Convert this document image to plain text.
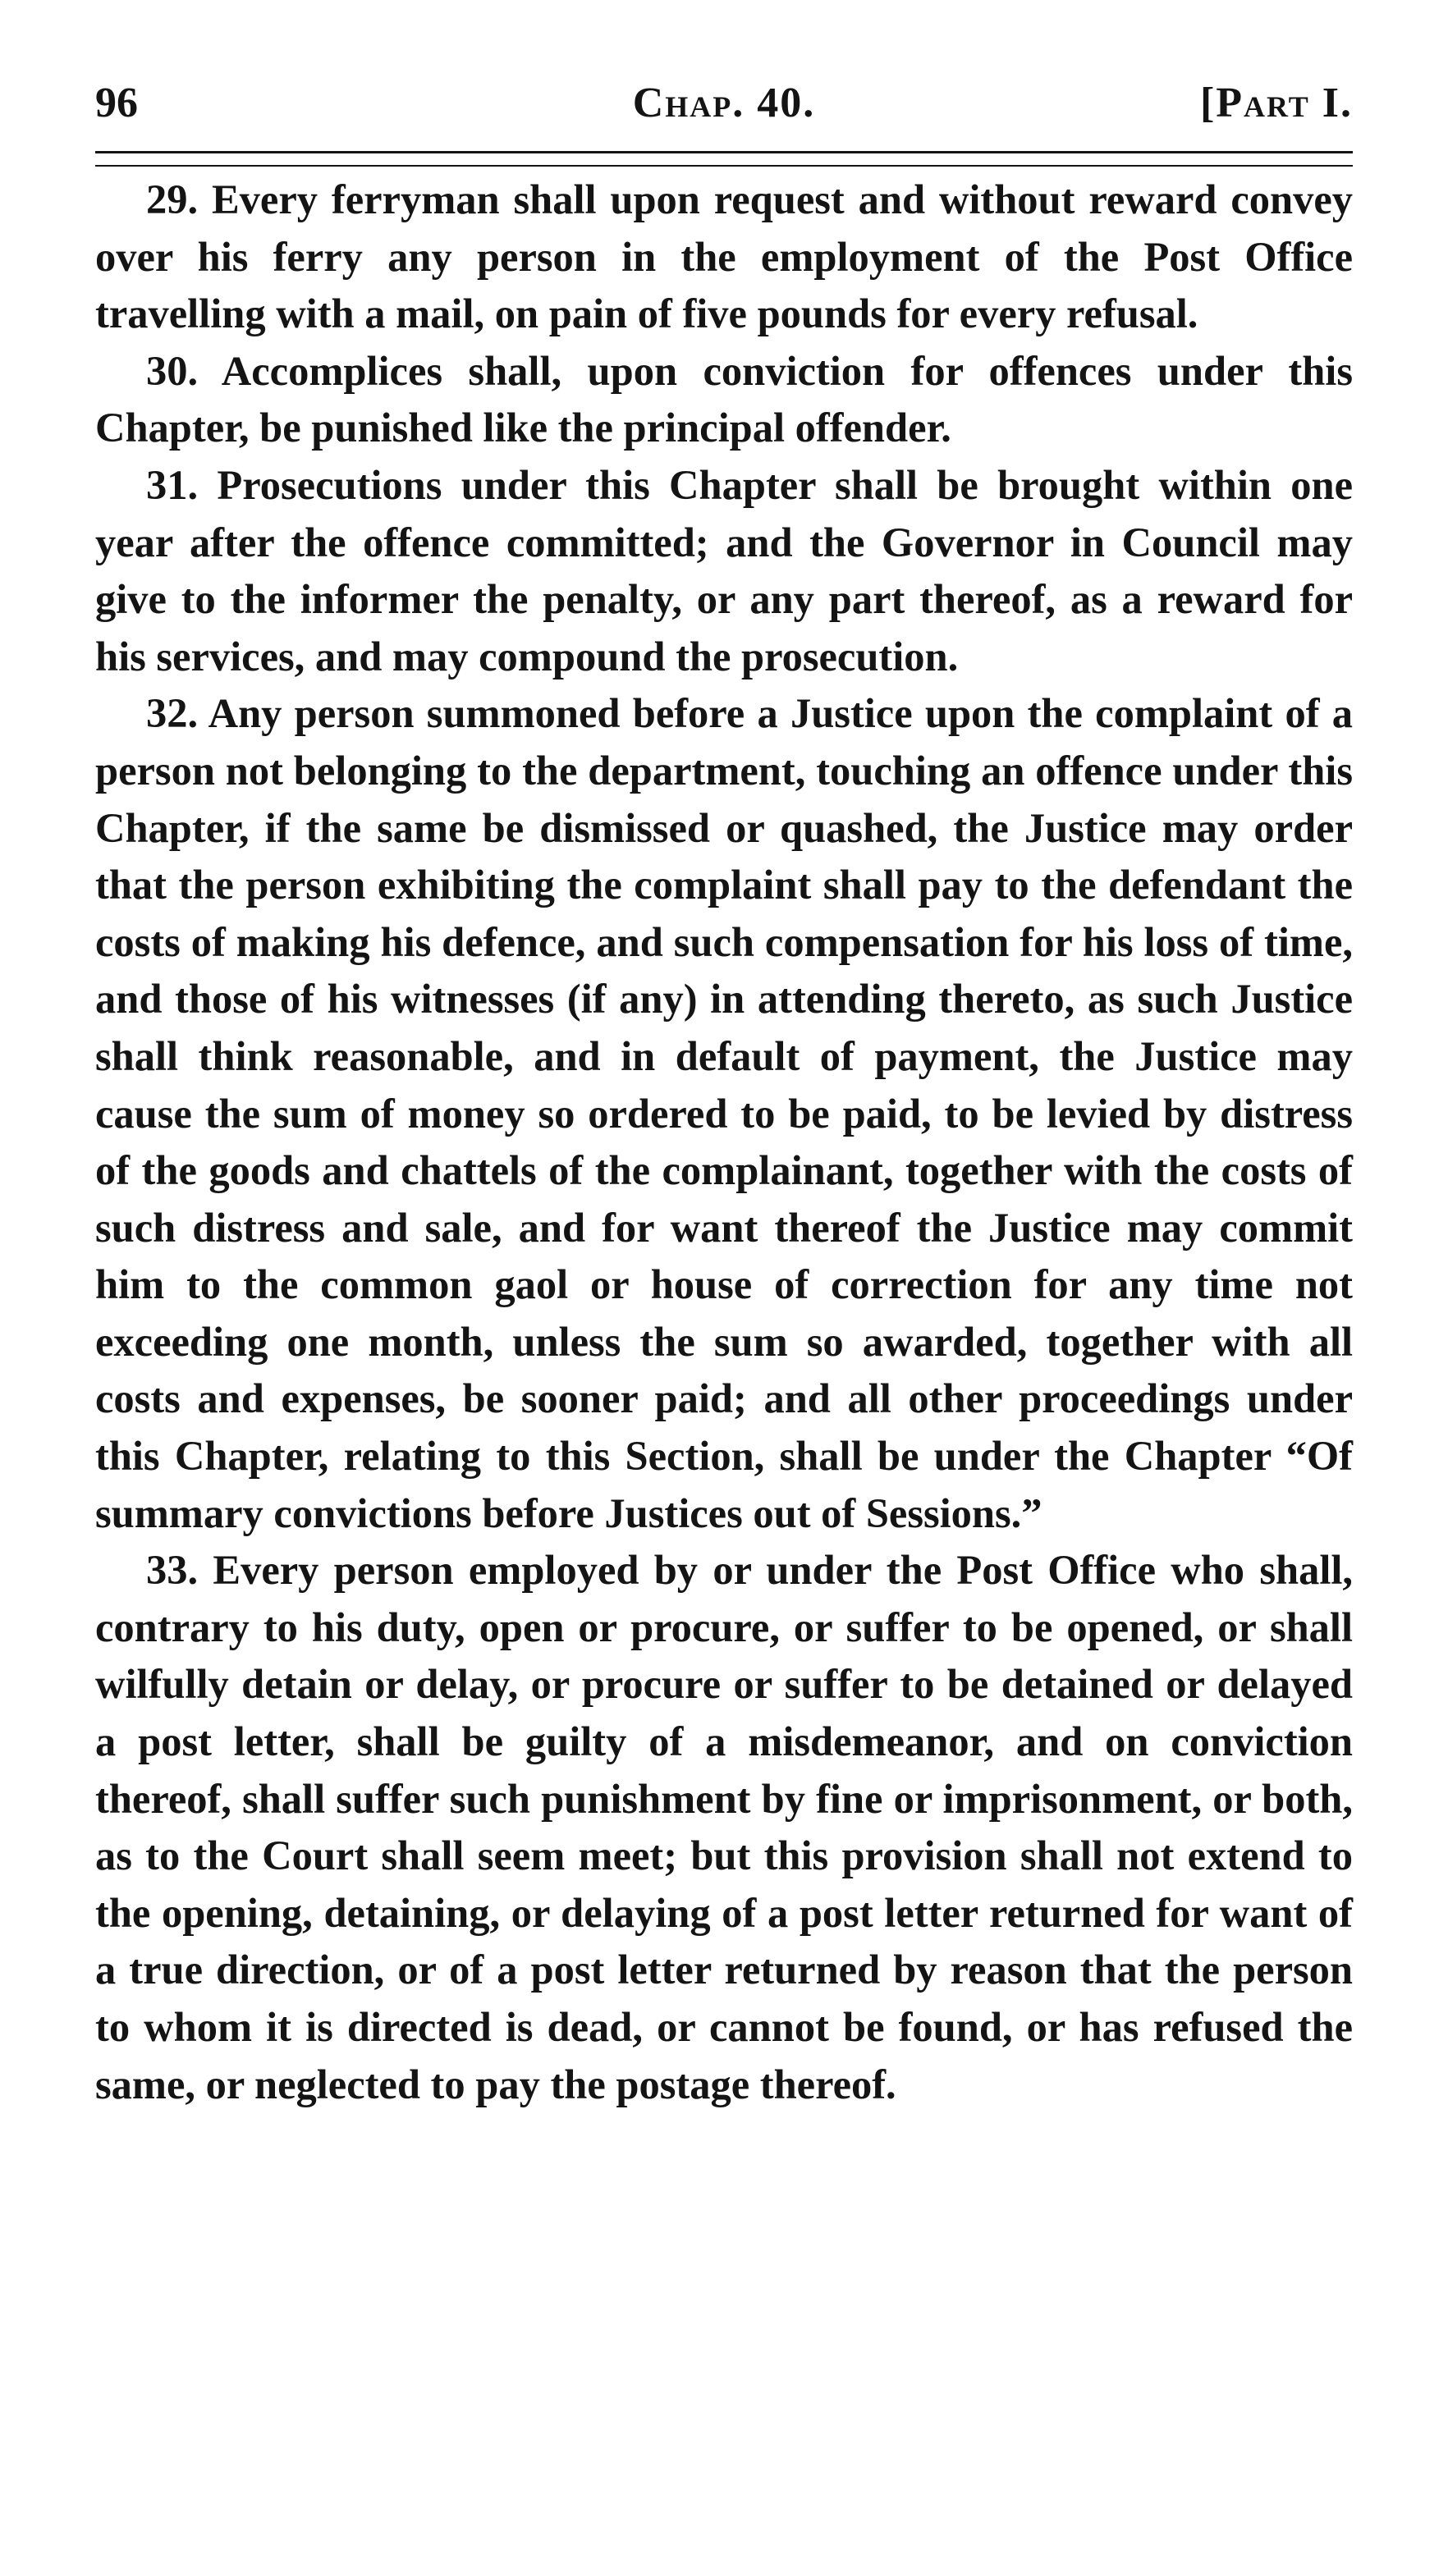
96	Chap. 40.	[Part I.

29. Every ferryman shall upon request and without reward convey over his ferry any person in the employment of the Post Office travelling with a mail, on pain of five pounds for every refusal.

30. Accomplices shall, upon conviction for offences under this Chapter, be punished like the principal offender.

31. Prosecutions under this Chapter shall be brought within one year after the offence committed; and the Governor in Council may give to the informer the penalty, or any part thereof, as a reward for his services, and may compound the prosecution.

32. Any person summoned before a Justice upon the complaint of a person not belonging to the department, touching an offence under this Chapter, if the same be dismissed or quashed, the Justice may order that the person exhibiting the complaint shall pay to the defendant the costs of making his defence, and such compensation for his loss of time, and those of his witnesses (if any) in attending thereto, as such Justice shall think reasonable, and in default of payment, the Justice may cause the sum of money so ordered to be paid, to be levied by distress of the goods and chattels of the complainant, together with the costs of such distress and sale, and for want thereof the Justice may commit him to the common gaol or house of correction for any time not exceeding one month, unless the sum so awarded, together with all costs and expenses, be sooner paid; and all other proceedings under this Chapter, relating to this Section, shall be under the Chapter “Of summary convictions before Justices out of Sessions.”

33. Every person employed by or under the Post Office who shall, contrary to his duty, open or procure, or suffer to be opened, or shall wilfully detain or delay, or procure or suffer to be detained or delayed a post letter, shall be guilty of a misdemeanor, and on conviction thereof, shall suffer such punishment by fine or imprisonment, or both, as to the Court shall seem meet; but this provision shall not extend to the opening, detaining, or delaying of a post letter returned for want of a true direction, or of a post letter returned by reason that the person to whom it is directed is dead, or cannot be found, or has refused the same, or neglected to pay the postage thereof.
